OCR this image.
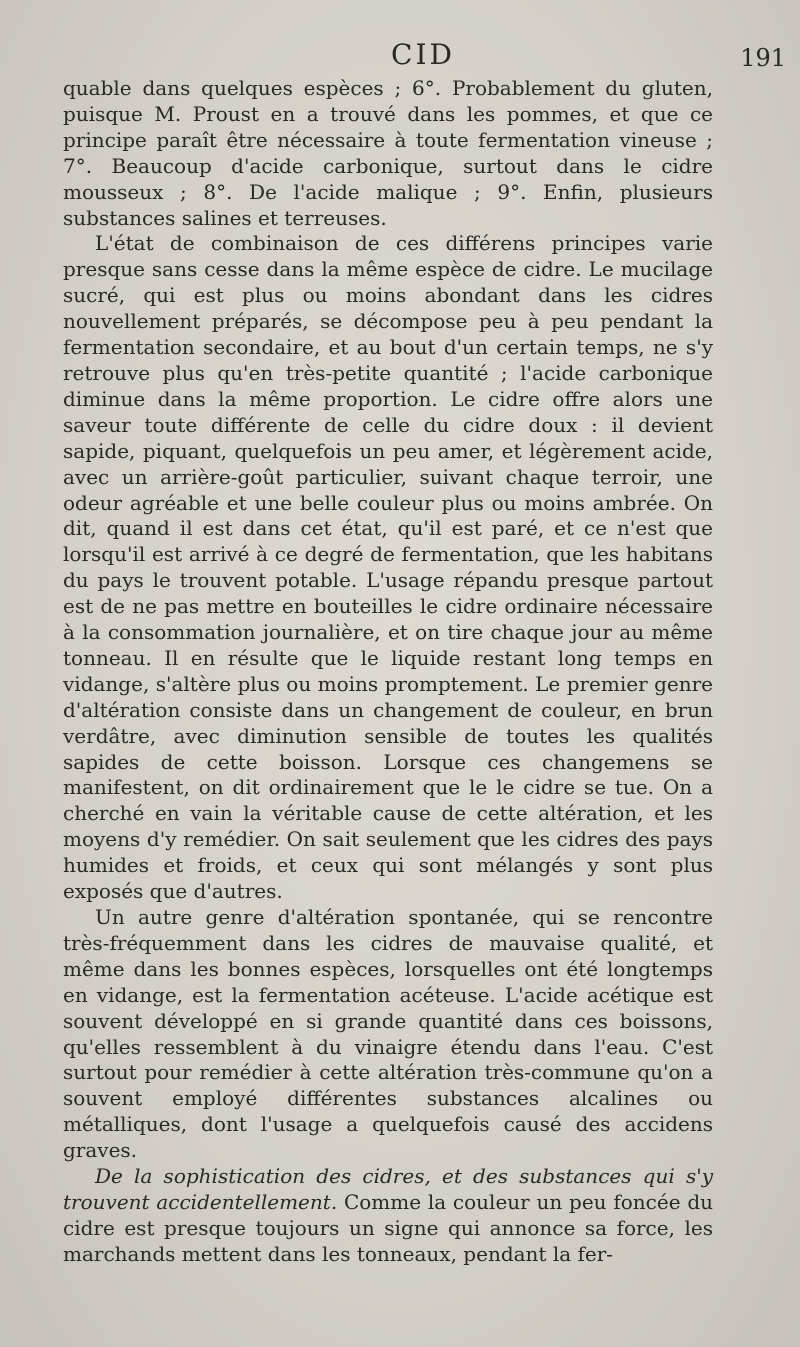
CID	191

quable dans quelques espèces ; 6°. Probablement du gluten, puisque M. Proust en a trouvé dans les pommes, et que ce principe paraît être nécessaire à toute fermentation vineuse ; 7°. Beaucoup d'acide carbonique, surtout dans le cidre mousseux ; 8°. De l'acide malique ; 9°. Enfin, plusieurs substances salines et terreuses.

L'état de combinaison de ces différens principes varie presque sans cesse dans la même espèce de cidre. Le mucilage sucré, qui est plus ou moins abondant dans les cidres nouvellement préparés, se décompose peu à peu pendant la fermentation secondaire, et au bout d'un certain temps, ne s'y retrouve plus qu'en très-petite quantité ; l'acide carbonique diminue dans la même proportion. Le cidre offre alors une saveur toute différente de celle du cidre doux : il devient sapide, piquant, quelquefois un peu amer, et légèrement acide, avec un arrière-goût particulier, suivant chaque terroir, une odeur agréable et une belle couleur plus ou moins ambrée. On dit, quand il est dans cet état, qu'il est paré, et ce n'est que lorsqu'il est arrivé à ce degré de fermentation, que les habitans du pays le trouvent potable. L'usage répandu presque partout est de ne pas mettre en bouteilles le cidre ordinaire nécessaire à la consommation journalière, et on tire chaque jour au même tonneau. Il en résulte que le liquide restant long temps en vidange, s'altère plus ou moins promptement. Le premier genre d'altération consiste dans un changement de couleur, en brun verdâtre, avec diminution sensible de toutes les qualités sapides de cette boisson. Lorsque ces changemens se manifestent, on dit ordinairement que le le cidre se tue. On a cherché en vain la véritable cause de cette altération, et les moyens d'y remédier. On sait seulement que les cidres des pays humides et froids, et ceux qui sont mélangés y sont plus exposés que d'autres.

Un autre genre d'altération spontanée, qui se rencontre très-fréquemment dans les cidres de mauvaise qualité, et même dans les bonnes espèces, lorsquelles ont été longtemps en vidange, est la fermentation acéteuse. L'acide acétique est souvent développé en si grande quantité dans ces boissons, qu'elles ressemblent à du vinaigre étendu dans l'eau. C'est surtout pour remédier à cette altération très-commune qu'on a souvent employé différentes substances alcalines ou métalliques, dont l'usage a quelquefois causé des accidens graves.

De la sophistication des cidres, et des substances qui s'y trouvent accidentellement. Comme la couleur un peu foncée du cidre est presque toujours un signe qui annonce sa force, les marchands mettent dans les tonneaux, pendant la fer-
